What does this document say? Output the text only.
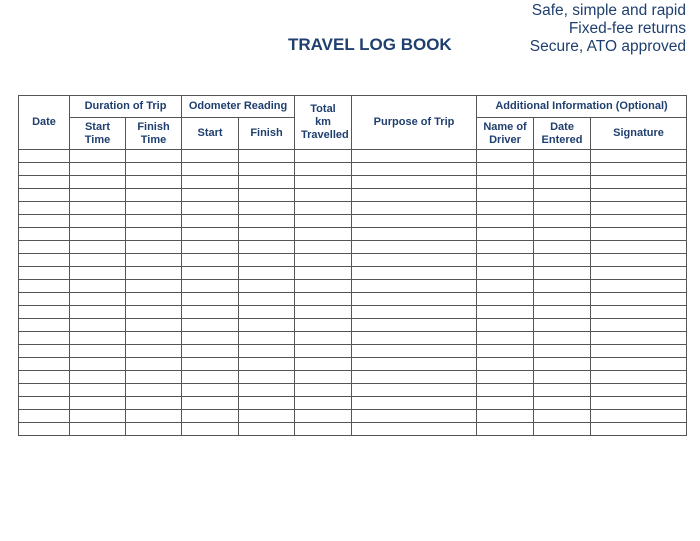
Safe, simple and rapid
Fixed-fee returns
Secure, ATO approved
TRAVEL LOG BOOK
Date	Duration of Trip		Odometer Reading		Total km Travelled	Purpose of Trip	Additional Information (Optional)		
	Start Time	Finish Time	Start	Finish			Name of Driver	Date Entered	Signature
